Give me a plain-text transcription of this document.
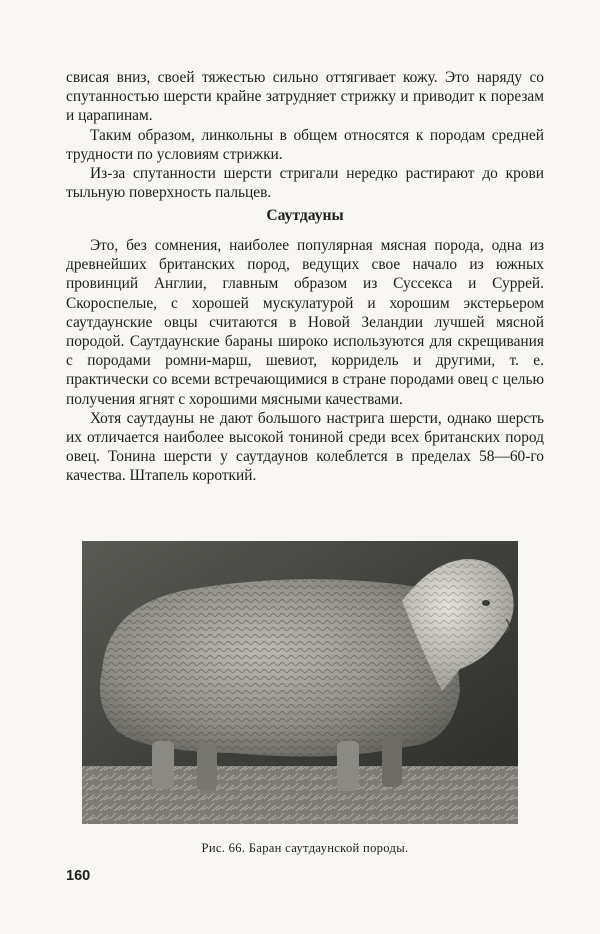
свисая вниз, своей тяжестью сильно оттягивает кожу. Это наряду со спутанностью шерсти крайне затрудняет стрижку и приводит к порезам и царапинам.

Таким образом, линкольны в общем относятся к породам средней трудности по условиям стрижки.

Из-за спутанности шерсти стригали нередко растирают до крови тыльную поверхность пальцев.

Саутдауны

Это, без сомнения, наиболее популярная мясная порода, одна из древнейших британских пород, ведущих свое начало из южных провинций Англии, главным образом из Суссекса и Суррей. Скороспелые, с хорошей мускулатурой и хорошим экстерьером саутдаунские овцы считаются в Новой Зеландии лучшей мясной породой. Саутдаунские бараны широко используются для скрещивания с породами ромни-марш, шевиот, корридель и другими, т. е. практически со всеми встречающимися в стране породами овец с целью получения ягнят с хорошими мясными качествами.

Хотя саутдауны не дают большого настрига шерсти, однако шерсть их отличается наиболее высокой тониной среди всех британских пород овец. Тонина шерсти у саутдаунов колеблется в пределах 58—60-го качества. Штапель короткий.

Рис. 66. Баран саутдаунской породы.
160
